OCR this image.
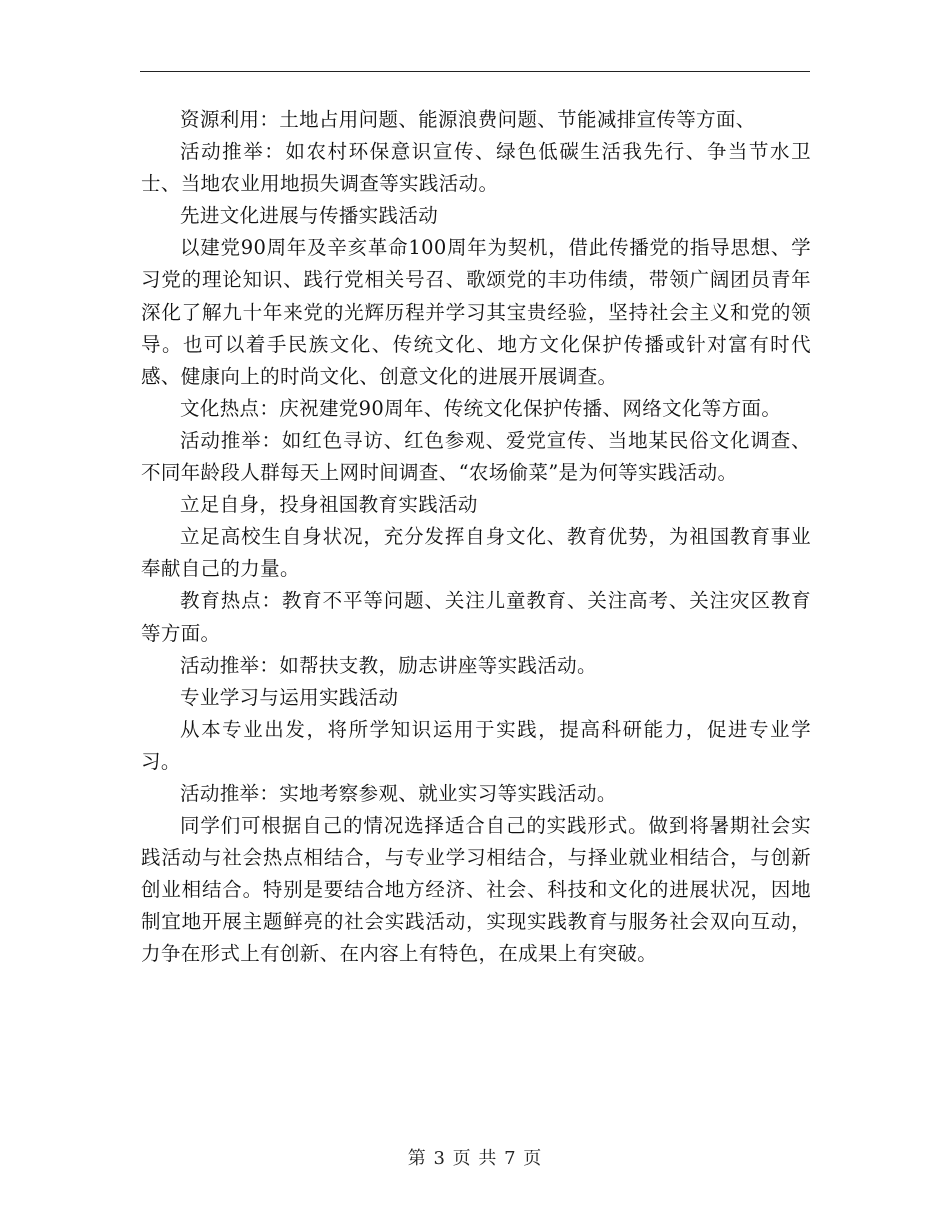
资源利用：土地占用问题、能源浪费问题、节能减排宣传等方面、

活动推举：如农村环保意识宣传、绿色低碳生活我先行、争当节水卫士、当地农业用地损失调查等实践活动。

先进文化进展与传播实践活动

以建党90周年及辛亥革命100周年为契机，借此传播党的指导思想、学习党的理论知识、践行党相关号召、歌颂党的丰功伟绩，带领广阔团员青年深化了解九十年来党的光辉历程并学习其宝贵经验，坚持社会主义和党的领导。也可以着手民族文化、传统文化、地方文化保护传播或针对富有时代感、健康向上的时尚文化、创意文化的进展开展调查。

文化热点：庆祝建党90周年、传统文化保护传播、网络文化等方面。

活动推举：如红色寻访、红色参观、爱党宣传、当地某民俗文化调查、不同年龄段人群每天上网时间调查、“农场偷菜”是为何等实践活动。

立足自身，投身祖国教育实践活动

立足高校生自身状况，充分发挥自身文化、教育优势，为祖国教育事业奉献自己的力量。

教育热点：教育不平等问题、关注儿童教育、关注高考、关注灾区教育等方面。

活动推举：如帮扶支教，励志讲座等实践活动。

专业学习与运用实践活动

从本专业出发，将所学知识运用于实践，提高科研能力，促进专业学习。

活动推举：实地考察参观、就业实习等实践活动。

同学们可根据自己的情况选择适合自己的实践形式。做到将暑期社会实践活动与社会热点相结合，与专业学习相结合，与择业就业相结合，与创新创业相结合。特别是要结合地方经济、社会、科技和文化的进展状况，因地制宜地开展主题鲜亮的社会实践活动，实现实践教育与服务社会双向互动，力争在形式上有创新、在内容上有特色，在成果上有突破。

第 3 页 共 7 页
